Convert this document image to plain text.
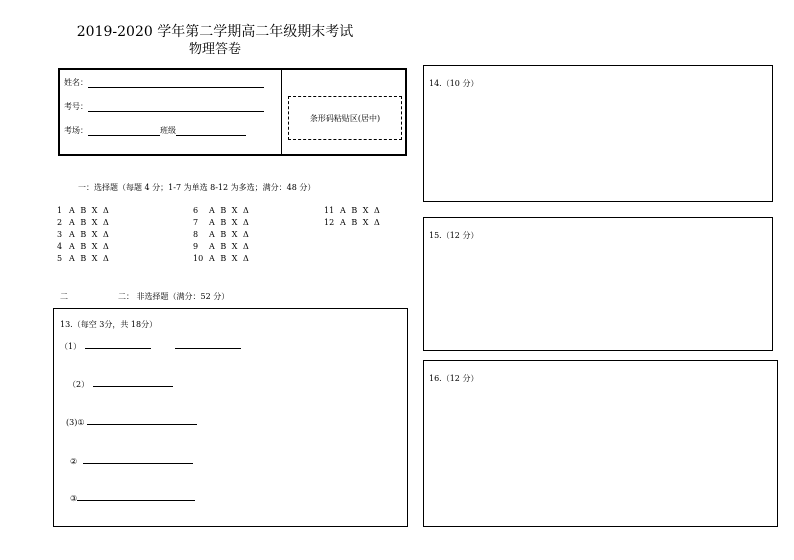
2019-2020 学年第二学期高二年级期末考试
物理答卷
姓名：
考号：
考场：	班级
条形码粘贴区(居中)
一：选择题（每题 4 分；1-7 为单选 8-12 为多选；满分：48 分）
1 A B X Δ
2 A B X Δ
3 A B X Δ
4 A B X Δ
5 A B X Δ
6 A B X Δ
7 A B X Δ
8 A B X Δ
9 A B X Δ
10 A B X Δ
11 A B X Δ
12 A B X Δ
二	二： 非选择题（满分：52 分）
13.（每空 3分，共 18分）
（1）
（2）
(3)①
②
③
14.（10 分）
15.（12 分）
16.（12 分）
